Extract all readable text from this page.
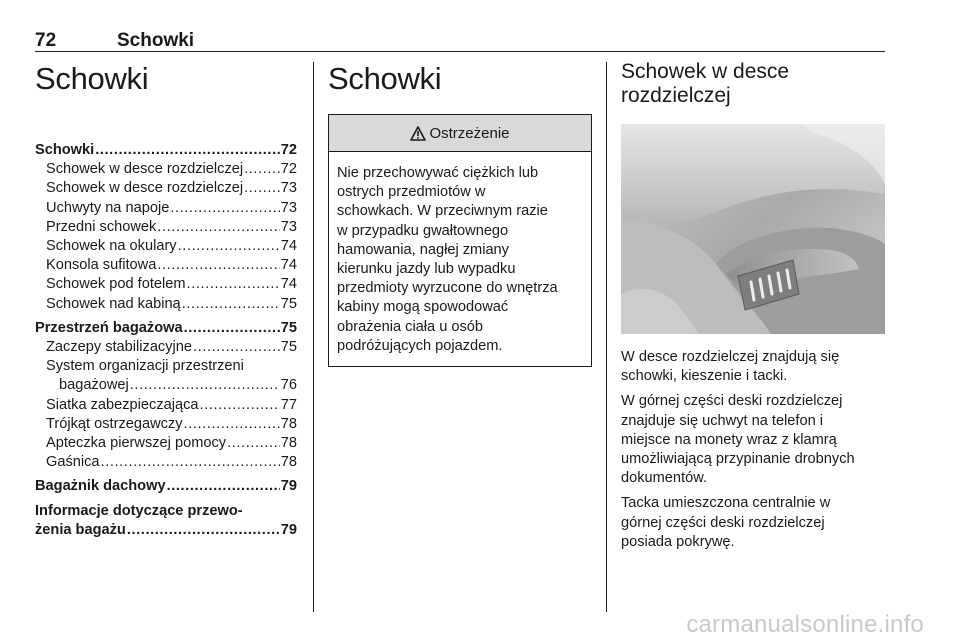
72	Schowki
Schowki
Schowki .....	72
Schowek w desce rozdzielczej .....	72
Schowek w desce rozdzielczej .....	73
Uchwyty na napoje .....	73
Przedni schowek .....	73
Schowek na okulary .....	74
Konsola sufitowa .....	74
Schowek pod fotelem .....	74
Schowek nad kabiną .....	75
Przestrzeń bagażowa .....	75
Zaczepy stabilizacyjne .....	75
System organizacji przestrzeni
bagażowej .....	76
Siatka zabezpieczająca .....	77
Trójkąt ostrzegawczy .....	78
Apteczka pierwszej pomocy .....	78
Gaśnica .....	78
Bagażnik dachowy .....	79
Informacje dotyczące przewo-
żenia bagażu .....	79
Schowki
Ostrzeżenie
Nie przechowywać ciężkich lub
ostrych przedmiotów w
schowkach. W przeciwnym razie
w przypadku gwałtownego
hamowania, nagłej zmiany
kierunku jazdy lub wypadku
przedmioty wyrzucone do wnętrza
kabiny mogą spowodować
obrażenia ciała u osób
podróżujących pojazdem.
Schowek w desce
rozdzielczej

W desce rozdzielczej znajdują się
schowki, kieszenie i tacki.

W górnej części deski rozdzielczej
znajduje się uchwyt na telefon i
miejsce na monety wraz z klamrą
umożliwiającą przypinanie drobnych
dokumentów.

Tacka umieszczona centralnie w
górnej części deski rozdzielczej
posiada pokrywę.

carmanualsonline.info
